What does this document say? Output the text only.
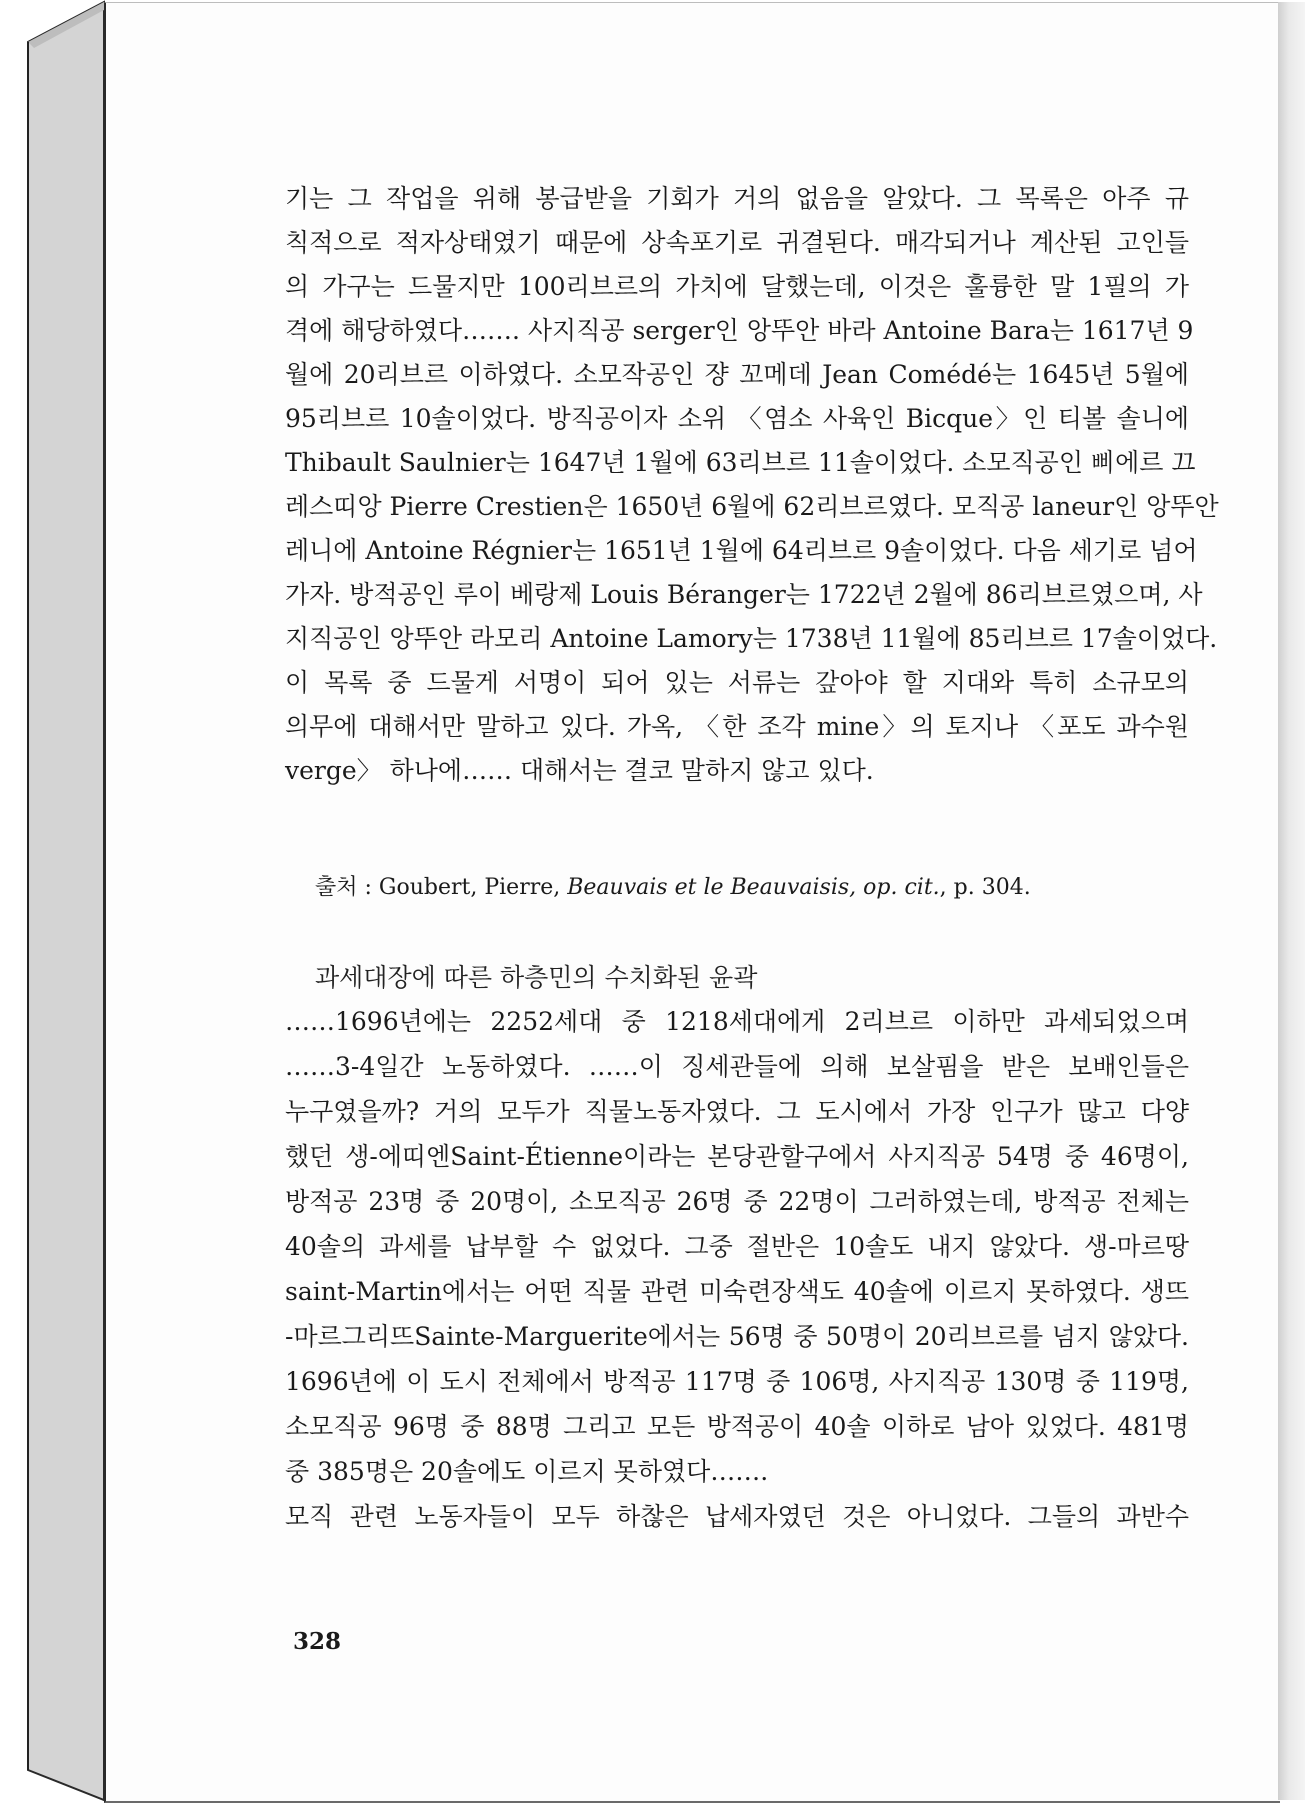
기는 그 작업을 위해 봉급받을 기회가 거의 없음을 알았다. 그 목록은 아주 규
칙적으로 적자상태였기 때문에 상속포기로 귀결된다. 매각되거나 계산된 고인들
의 가구는 드물지만 100리브르의 가치에 달했는데, 이것은 훌륭한 말 1필의 가
격에 해당하였다……. 사지직공 serger인 앙뚜안 바라 Antoine Bara는 1617년 9
월에 20리브르 이하였다. 소모작공인 쟝 꼬메데 Jean Comédé는 1645년 5월에
95리브르 10솔이었다. 방직공이자 소위 〈염소 사육인 Bicque〉인 티볼 솔니에
Thibault Saulnier는 1647년 1월에 63리브르 11솔이었다. 소모직공인 삐에르 끄
레스띠앙 Pierre Crestien은 1650년 6월에 62리브르였다. 모직공 laneur인 앙뚜안
레니에 Antoine Régnier는 1651년 1월에 64리브르 9솔이었다. 다음 세기로 넘어
가자. 방적공인 루이 베랑제 Louis Béranger는 1722년 2월에 86리브르였으며, 사
지직공인 앙뚜안 라모리 Antoine Lamory는 1738년 11월에 85리브르 17솔이었다.
이 목록 중 드물게 서명이 되어 있는 서류는 갚아야 할 지대와 특히 소규모의
의무에 대해서만 말하고 있다. 가옥, 〈한 조각 mine〉의 토지나 〈포도 과수원
verge〉 하나에…… 대해서는 결코 말하지 않고 있다.
출처 : Goubert, Pierre, Beauvais et le Beauvaisis, op. cit., p. 304.
과세대장에 따른 하층민의 수치화된 윤곽
……1696년에는 2252세대 중 1218세대에게 2리브르 이하만 과세되었으며
……3-4일간 노동하였다. ……이 징세관들에 의해 보살핌을 받은 보배인들은
누구였을까? 거의 모두가 직물노동자였다. 그 도시에서 가장 인구가 많고 다양
했던 생-에띠엔Saint-Étienne이라는 본당관할구에서 사지직공 54명 중 46명이,
방적공 23명 중 20명이, 소모직공 26명 중 22명이 그러하였는데, 방적공 전체는
40솔의 과세를 납부할 수 없었다. 그중 절반은 10솔도 내지 않았다. 생-마르땅
saint-Martin에서는 어떤 직물 관련 미숙련장색도 40솔에 이르지 못하였다. 생뜨
-마르그리뜨Sainte-Marguerite에서는 56명 중 50명이 20리브르를 넘지 않았다.
1696년에 이 도시 전체에서 방적공 117명 중 106명, 사지직공 130명 중 119명,
소모직공 96명 중 88명 그리고 모든 방적공이 40솔 이하로 남아 있었다. 481명
중 385명은 20솔에도 이르지 못하였다…….
모직 관련 노동자들이 모두 하찮은 납세자였던 것은 아니었다. 그들의 과반수
328
